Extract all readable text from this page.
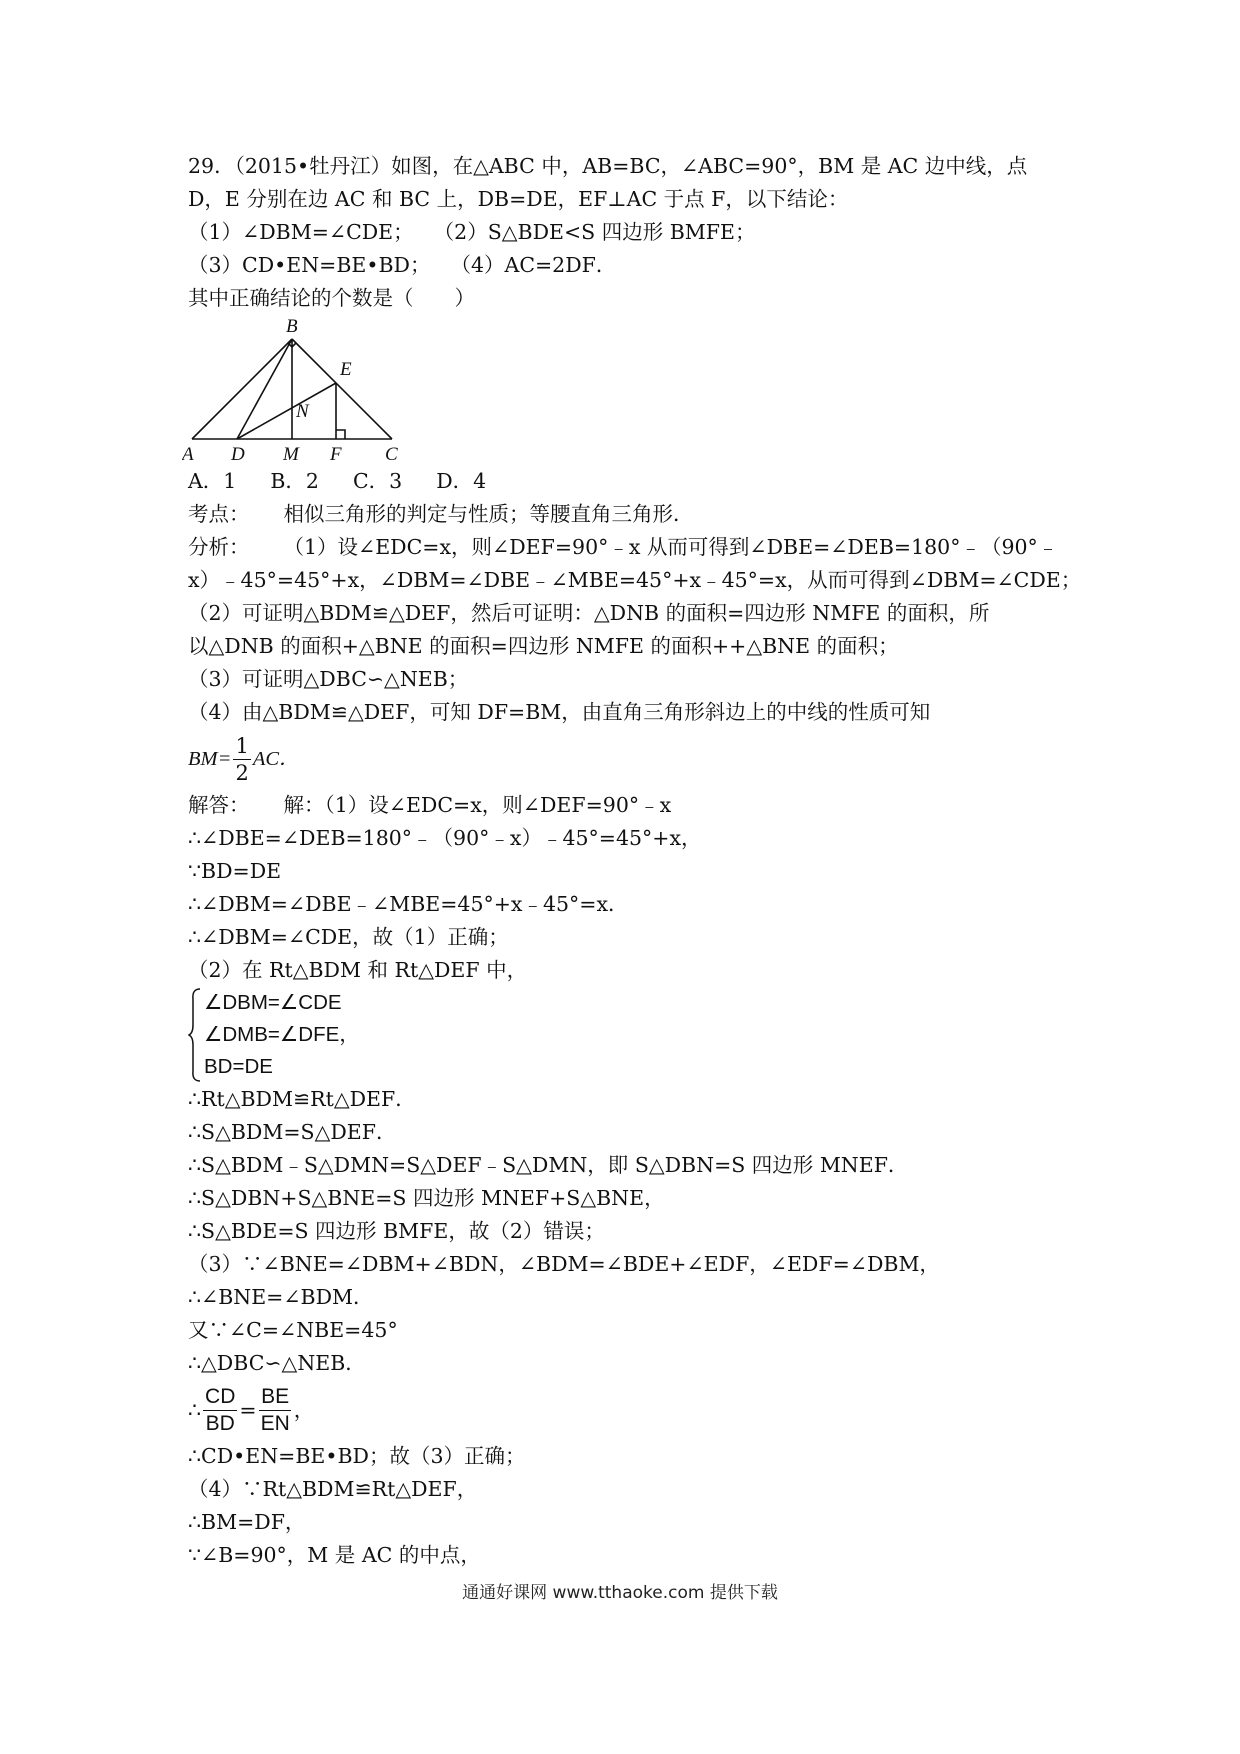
29．（2015•牡丹江）如图，在△ABC 中，AB=BC，∠ABC=90°，BM 是 AC 边中线，点
D，E 分别在边 AC 和 BC 上，DB=DE，EF⊥AC 于点 F，以下结论：
（1）∠DBM=∠CDE； （2）S△BDE<S 四边形 BMFE；
（3）CD•EN=BE•BD； （4）AC=2DF．
其中正确结论的个数是（　　）
B
A D M F C
E
N
A．1 B．2 C．3 D．4
考点： 相似三角形的判定与性质；等腰直角三角形．
分析： （1）设∠EDC=x，则∠DEF=90°﹣x 从而可得到∠DBE=∠DEB=180°﹣（90°﹣
x）﹣45°=45°+x，∠DBM=∠DBE﹣∠MBE=45°+x﹣45°=x，从而可得到∠DBM=∠CDE；
（2）可证明△BDM≌△DEF，然后可证明：△DNB 的面积=四边形 NMFE 的面积，所
以△DNB 的面积+△BNE 的面积=四边形 NMFE 的面积++△BNE 的面积；
（3）可证明△DBC∽△NEB；
（4）由△BDM≌△DEF，可知 DF=BM，由直角三角形斜边上的中线的性质可知
$BM= \frac{1}{2}$ AC．
解答： 解：（1）设∠EDC=x，则∠DEF=90°﹣x
∴∠DBE=∠DEB=180°﹣（90°﹣x）﹣45°=45°+x，
∵BD=DE
∴∠DBM=∠DBE﹣∠MBE=45°+x﹣45°=x．
∴∠DBM=∠CDE，故（1）正确；
（2）在 Rt△BDM 和 Rt△DEF 中，
∠DBM=∠CDE
∠DMB=∠DFE，
BD=DE
∴Rt△BDM≌Rt△DEF．
∴S△BDM=S△DEF．
∴S△BDM﹣S△DMN=S△DEF﹣S△DMN，即 S△DBN=S 四边形 MNEF．
∴S△DBN+S△BNE=S 四边形 MNEF+S△BNE，
∴S△BDE=S 四边形 BMFE，故（2）错误；
（3）∵∠BNE=∠DBM+∠BDN，∠BDM=∠BDE+∠EDF，∠EDF=∠DBM，
∴∠BNE=∠BDM．
又∵∠C=∠NBE=45°
∴△DBC∽△NEB．
∴ $\frac{CD}{BD} = \frac{BE}{EN}$ ，
∴CD•EN=BE•BD；故（3）正确；
（4）∵Rt△BDM≌Rt△DEF，
∴BM=DF，
∵∠B=90°，M 是 AC 的中点，
通通好课网 www.tthaoke.com 提供下载
